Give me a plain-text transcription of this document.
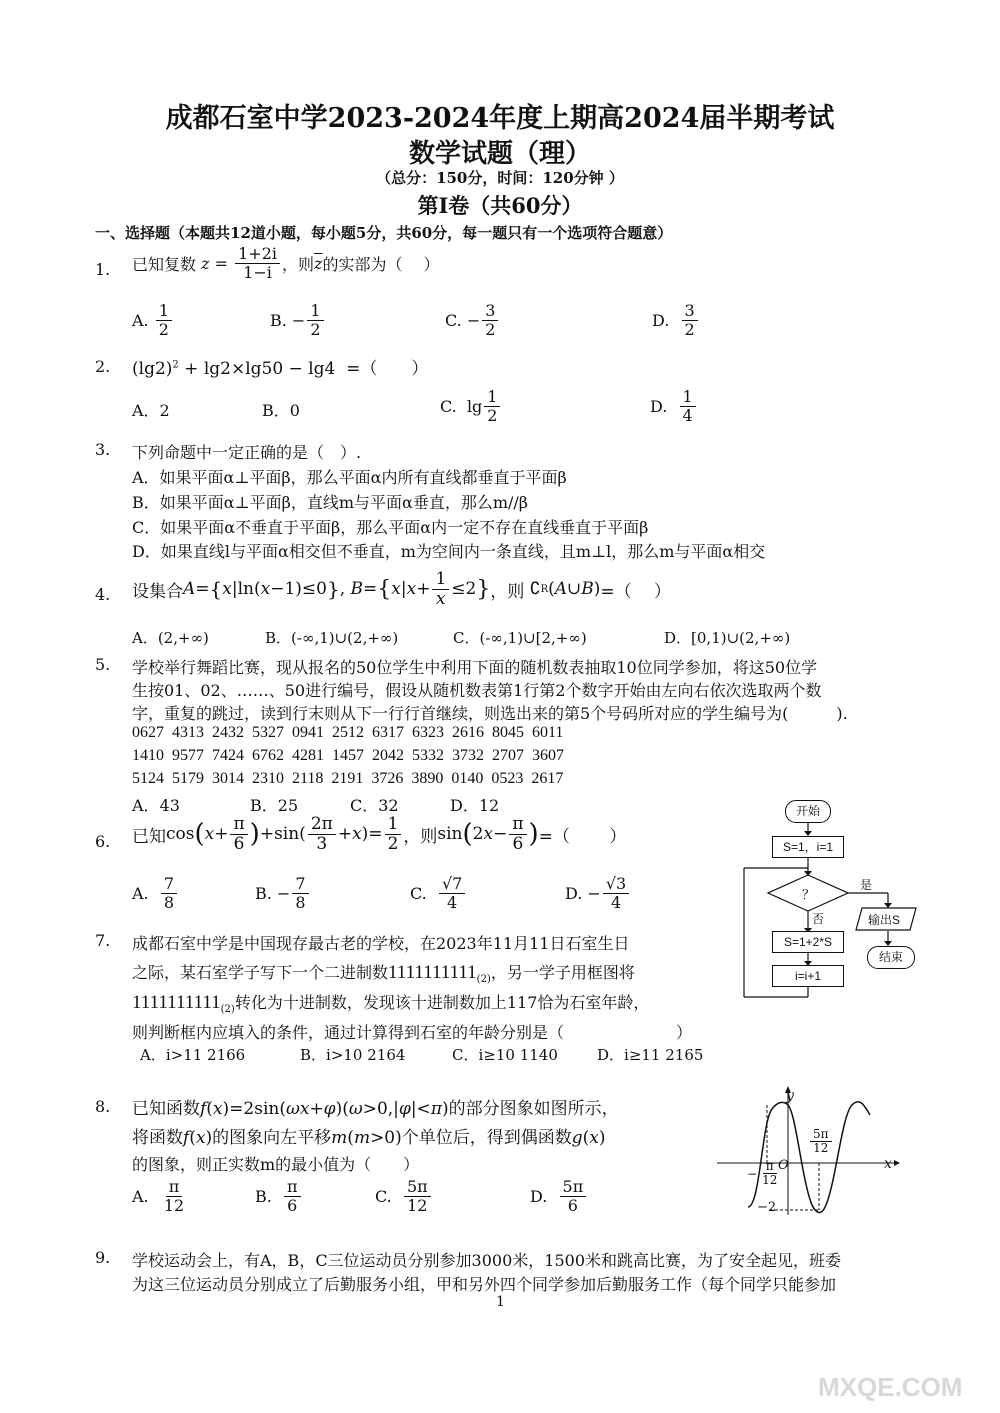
成都石室中学2023-2024年度上期高2024届半期考试
数学试题（理）
（总分：150分，时间：120分钟 ）
第Ⅰ卷（共60分）
一、选择题（本题共12道小题，每小题5分，共60分，每一题只有一个选项符合题意）
1. 已知复数 $z = \frac{1+2i}{1-i}$ ，则 $\overline{z}$ 的实部为（　 ）
A.
$\frac{1}{2}$	B. − $\frac{1}{2}$	C. − $\frac{3}{2}$	D.
$\frac{3}{2}$
2. $(\lg 2)^2 + \lg 2\times\lg 50 - \lg 4$  =（　　）
A．2	B．0	C. $\lg \frac{1}{2}$	D.
$\frac{1}{4}$
3. 下列命题中一定正确的是（　）.
A．如果平面α⊥平面β，那么平面α内所有直线都垂直于平面β
B．如果平面α⊥平面β，直线m与平面α垂直，那么m//β
C．如果平面α不垂直于平面β，那么平面α内一定不存在直线垂直于平面β
D．如果直线l与平面α相交但不垂直，m为空间内一条直线，且m⊥l，那么m与平面α相交
4. 设集合 A = { x |ln( x −1)≤0 } , B = { x | $x + \frac{1}{x} \le 2$ } ，则 ∁ R ( A ∪ B ) =（　 ）
A．(2,+∞)	B．(-∞,1)∪(2,+∞)	C．(-∞,1)∪[2,+∞)	D．[0,1)∪(2,+∞)
5. 学校举行舞蹈比赛，现从报名的50位学生中利用下面的随机数表抽取10位同学参加，将这50位学
生按01、02、……、50进行编号，假设从随机数表第1行第2个数字开始由左向右依次选取两个数
字，重复的跳过，读到行末则从下一行行首继续，则选出来的第5个号码所对应的学生编号为(　　　).
0627  4313  2432  5327  0941  2512  6317  6323  2616  8045  6011
1410  9577  7424  6762  4281  1457  2042  5332  3732  2707  3607
5124  5179  3014  2310  2118  2191  3726  3890  0140  0523  2617
A．43	B．25	C．32	D．12
6. 已知 cos ( $x + \frac{\pi}{6}$ ) $+\sin( \frac{2\pi}{3} + x$ )= $\frac{1}{2}$ ，则 sin ( 2 $x - \frac{\pi}{6}$ ) =（　　 ）
A.
$\frac{7}{8}$	B. − $\frac{7}{8}$	C.
$\frac{√7}{4}$	D. − $\frac{√3}{4}$
7. 成都石室中学是中国现存最古老的学校，在2023年11月11日石室生日
之际，某石室学子写下一个二进制数$1111111111_{(2)}$，另一学子用框图将
$1111111111_{(2)}$转化为十进制数，发现该十进制数加上117恰为石室年龄，
则判断框内应填入的条件，通过计算得到石室的年龄分别是（　　　　　　　）
A．i>11 2166	B．i>10 2164	C．i≥10 1140	D．i≥11 2165
开始
S=1，i=1
？
是
否	输出S
S=1+2*S
i=i+1
结束
8. 已知函数f(x)=2sin(ωx+φ)(ω>0,|φ|<π)的部分图象如图所示，
将函数f(x)的图象向左平移m(m>0)个单位后，得到偶函数g(x)
的图象，则正实数m的最小值为（　　）
A.
$\frac{\pi}{12}$	B.
$\frac{\pi}{6}$	C.
$\frac{5\pi}{12}$	D.
$\frac{5\pi}{6}$
y
x
O
−2
− $\frac{\pi}{12}$
$\frac{5\pi}{12}$
9. 学校运动会上，有A，B，C三位运动员分别参加3000米，1500米和跳高比赛，为了安全起见，班委
为这三位运动员分别成立了后勤服务小组，甲和另外四个同学参加后勤服务工作（每个同学只能参加
1
MXQE.COM
